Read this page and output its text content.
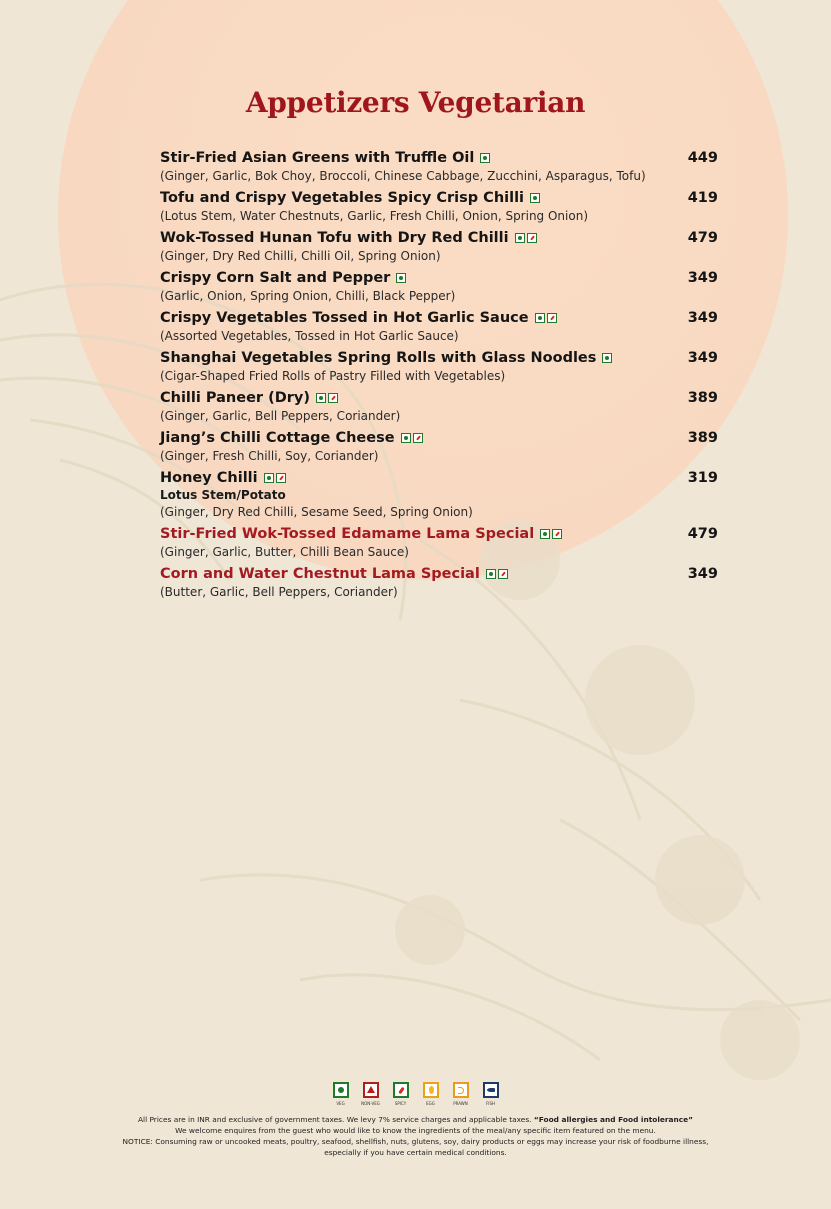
Appetizers Vegetarian
Stir-Fried Asian Greens with Truffle Oil	449
(Ginger, Garlic, Bok Choy, Broccoli, Chinese Cabbage, Zucchini, Asparagus, Tofu)
Tofu and Crispy Vegetables Spicy Crisp Chilli	419
(Lotus Stem, Water Chestnuts, Garlic, Fresh Chilli, Onion, Spring Onion)
Wok-Tossed Hunan Tofu with Dry Red Chilli	479
(Ginger, Dry Red Chilli, Chilli Oil, Spring Onion)
Crispy Corn Salt and Pepper	349
(Garlic, Onion, Spring Onion, Chilli, Black Pepper)
Crispy Vegetables Tossed in Hot Garlic Sauce	349
(Assorted Vegetables, Tossed in Hot Garlic Sauce)
Shanghai Vegetables Spring Rolls with Glass Noodles	349
(Cigar-Shaped Fried Rolls of Pastry Filled with Vegetables)
Chilli Paneer (Dry)	389
(Ginger, Garlic, Bell Peppers, Coriander)
Jiang’s Chilli Cottage Cheese	389
(Ginger, Fresh Chilli, Soy, Coriander)
Honey Chilli	319
Lotus Stem/Potato
(Ginger, Dry Red Chilli, Sesame Seed, Spring Onion)
Stir-Fried Wok-Tossed Edamame Lama Special	479
(Ginger, Garlic, Butter, Chilli Bean Sauce)
Corn and Water Chestnut Lama Special	349
(Butter, Garlic, Bell Peppers, Coriander)
VEG	NON-VEG	SPICY	EGG	PRAWN	FISH
All Prices are in INR and exclusive of government taxes. We levy 7% service charges and applicable taxes. “Food allergies and Food intolerance”
We welcome enquires from the guest who would like to know the ingredients of the meal/any specific item featured on the menu.
NOTICE: Consuming raw or uncooked meats, poultry, seafood, shellfish, nuts, glutens, soy, dairy products or eggs may increase your risk of foodburne illness,
especially if you have certain medical conditions.
